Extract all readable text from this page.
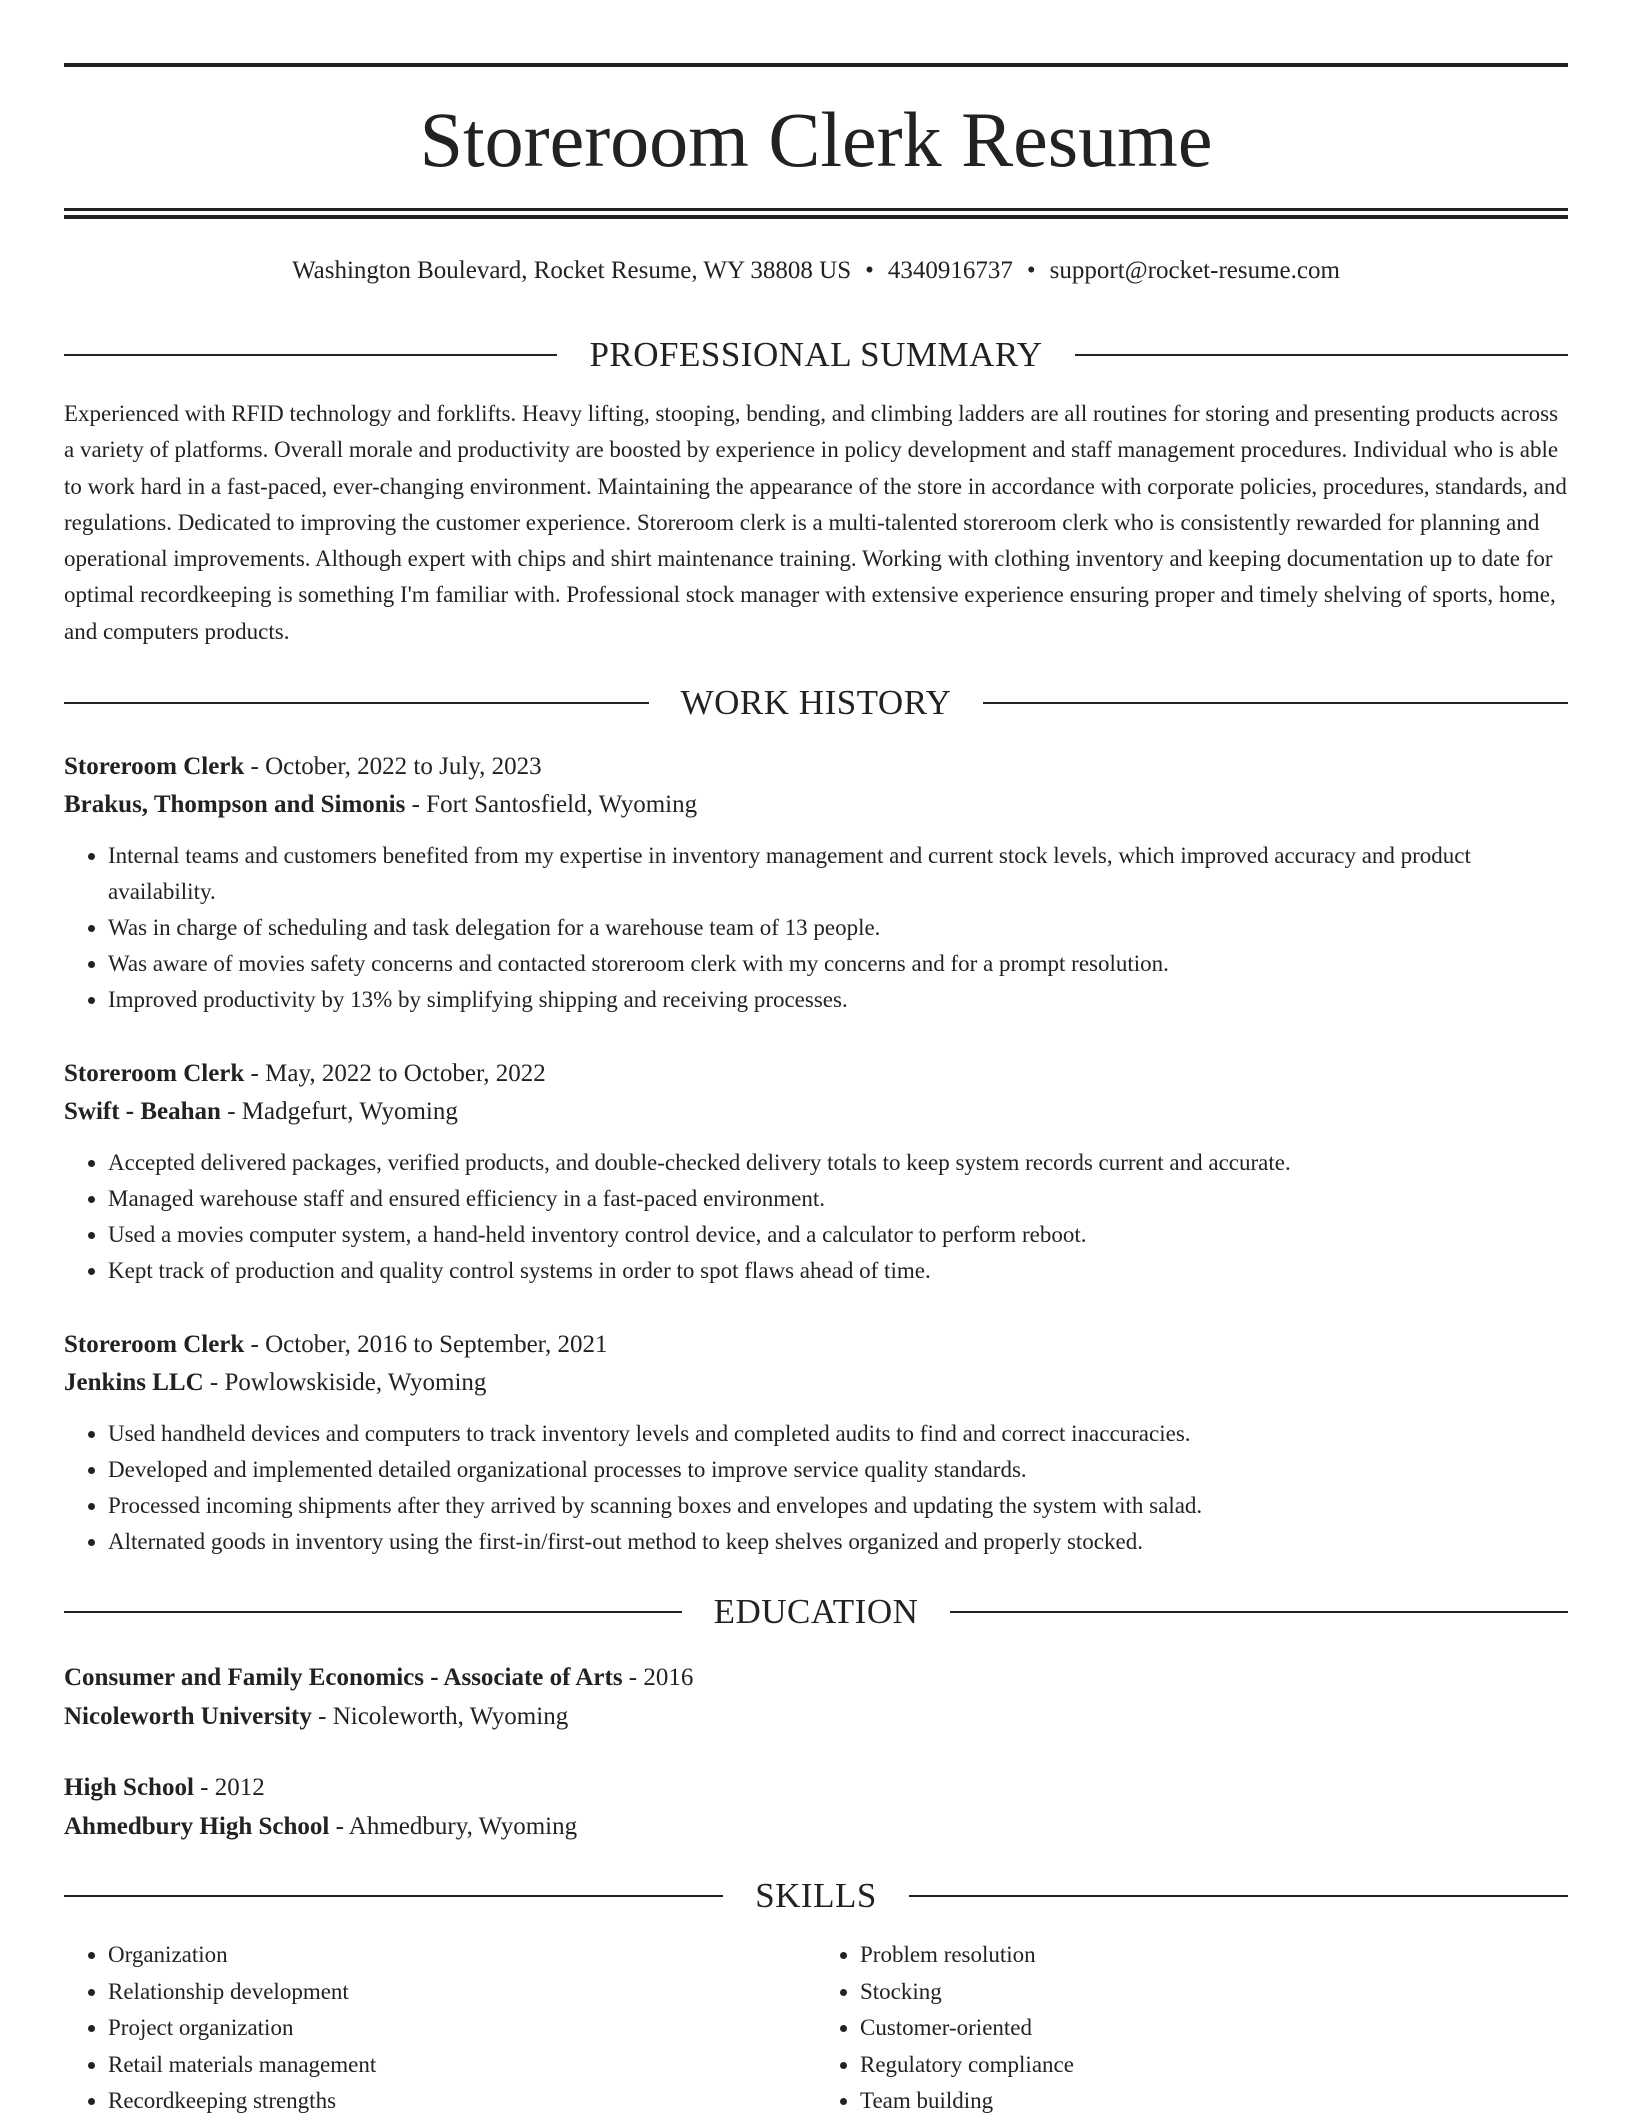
Storeroom Clerk Resume
Washington Boulevard, Rocket Resume, WY 38808 US • 4340916737 • support@rocket-resume.com
PROFESSIONAL SUMMARY

Experienced with RFID technology and forklifts. Heavy lifting, stooping, bending, and climbing ladders are all routines for storing and presenting products across a variety of platforms. Overall morale and productivity are boosted by experience in policy development and staff management procedures. Individual who is able to work hard in a fast-paced, ever-changing environment. Maintaining the appearance of the store in accordance with corporate policies, procedures, standards, and regulations. Dedicated to improving the customer experience. Storeroom clerk is a multi-talented storeroom clerk who is consistently rewarded for planning and operational improvements. Although expert with chips and shirt maintenance training. Working with clothing inventory and keeping documentation up to date for optimal recordkeeping is something I'm familiar with. Professional stock manager with extensive experience ensuring proper and timely shelving of sports, home, and computers products.

WORK HISTORY
Storeroom Clerk - October, 2022 to July, 2023
Brakus, Thompson and Simonis - Fort Santosfield, Wyoming
• Internal teams and customers benefited from my expertise in inventory management and current stock levels, which improved accuracy and product availability.
• Was in charge of scheduling and task delegation for a warehouse team of 13 people.
• Was aware of movies safety concerns and contacted storeroom clerk with my concerns and for a prompt resolution.
• Improved productivity by 13% by simplifying shipping and receiving processes.
Storeroom Clerk - May, 2022 to October, 2022
Swift - Beahan - Madgefurt, Wyoming
• Accepted delivered packages, verified products, and double-checked delivery totals to keep system records current and accurate.
• Managed warehouse staff and ensured efficiency in a fast-paced environment.
• Used a movies computer system, a hand-held inventory control device, and a calculator to perform reboot.
• Kept track of production and quality control systems in order to spot flaws ahead of time.
Storeroom Clerk - October, 2016 to September, 2021
Jenkins LLC - Powlowskiside, Wyoming
• Used handheld devices and computers to track inventory levels and completed audits to find and correct inaccuracies.
• Developed and implemented detailed organizational processes to improve service quality standards.
• Processed incoming shipments after they arrived by scanning boxes and envelopes and updating the system with salad.
• Alternated goods in inventory using the first-in/first-out method to keep shelves organized and properly stocked.
EDUCATION
Consumer and Family Economics - Associate of Arts - 2016
Nicoleworth University - Nicoleworth, Wyoming
High School - 2012
Ahmedbury High School - Ahmedbury, Wyoming
SKILLS
• Organization
• Relationship development
• Project organization
• Retail materials management
• Recordkeeping strengths
• Problem resolution
• Stocking
• Customer-oriented
• Regulatory compliance
• Team building
